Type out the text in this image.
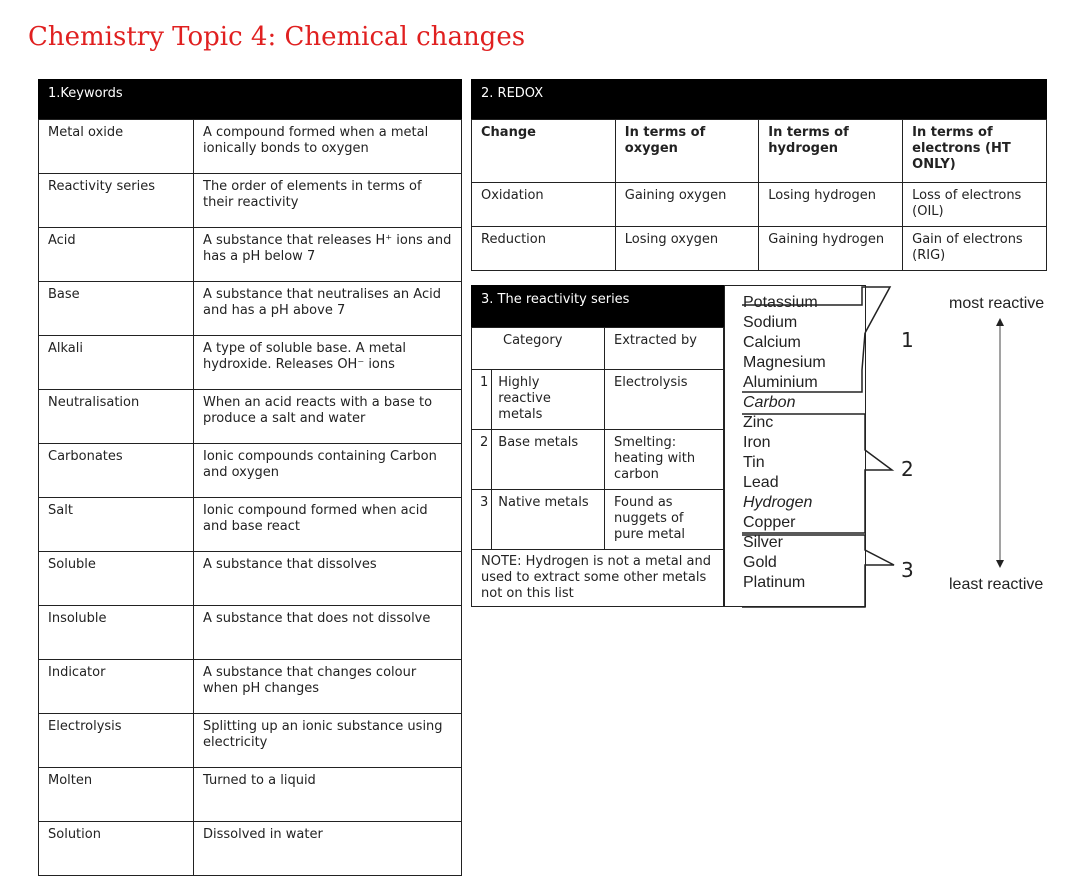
Chemistry Topic 4: Chemical changes
1.Keywords
Metal oxide	A compound formed when a metal ionically bonds to oxygen
Reactivity series	The order of elements in terms of their reactivity
Acid	A substance that releases H⁺ ions and has a pH below 7
Base	A substance that neutralises an Acid and has a pH above 7
Alkali	A type of soluble base. A metal hydroxide. Releases OH⁻ ions
Neutralisation	When an acid reacts with a base to produce a salt and water
Carbonates	Ionic compounds containing Carbon and oxygen
Salt	Ionic compound formed when acid and base react
Soluble	A substance that dissolves
Insoluble	A substance that does not dissolve
Indicator	A substance that changes colour when pH changes
Electrolysis	Splitting up an ionic substance using electricity
Molten	Turned to a liquid
Solution	Dissolved in water
2. REDOX
Change	In terms of oxygen	In terms of hydrogen	In terms of electrons (HT ONLY)
Oxidation	Gaining oxygen	Losing hydrogen	Loss of electrons (OIL)
Reduction	Losing oxygen	Gaining hydrogen	Gain of electrons (RIG)
3. The reactivity series
Category		Extracted by
1	Highly reactive metals	Electrolysis
2	Base metals	Smelting: heating with carbon
3	Native metals	Found as nuggets of pure metal
NOTE: Hydrogen is not a metal and used to extract some other metals not on this list
Potassium
Sodium
Calcium
Magnesium
Aluminium
Carbon
Zinc
Iron
Tin
Lead
Hydrogen
Copper
Silver
Gold
Platinum
1
2
3
most reactive
least reactive
